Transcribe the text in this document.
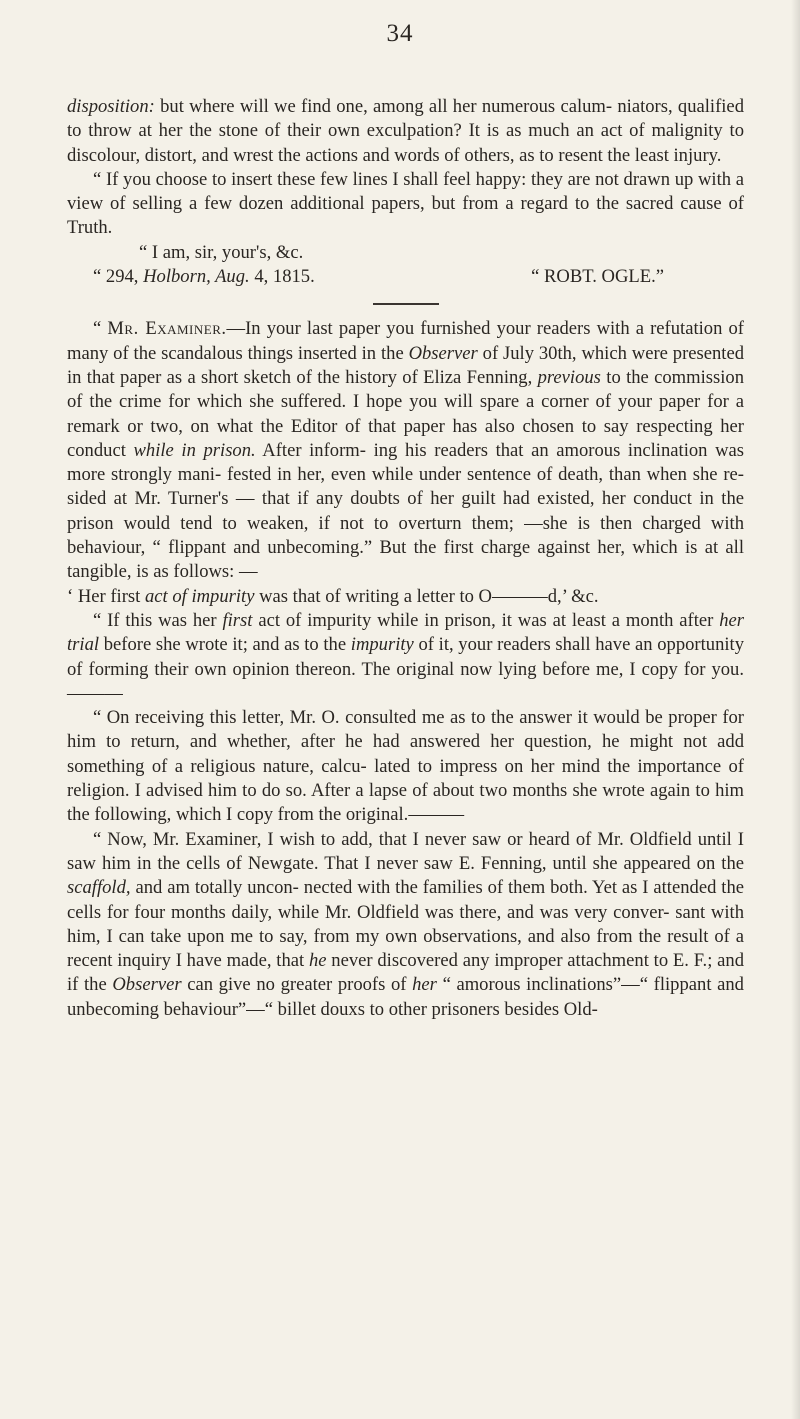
34

disposition: but where will we find one, among all her numerous calum- niators, qualified to throw at her the stone of their own exculpation? It is as much an act of malignity to discolour, distort, and wrest the actions and words of others, as to resent the least injury.

“ If you choose to insert these few lines I shall feel happy: they are not drawn up with a view of selling a few dozen additional papers, but from a regard to the sacred cause of Truth.

“ I am, sir, your's, &c.

“ 294, Holborn, Aug. 4, 1815.	“ ROBT. OGLE.”

“ Mr. Examiner.—In your last paper you furnished your readers with a refutation of many of the scandalous things inserted in the Observer of July 30th, which were presented in that paper as a short sketch of the history of Eliza Fenning, previous to the commission of the crime for which she suffered. I hope you will spare a corner of your paper for a remark or two, on what the Editor of that paper has also chosen to say respecting her conduct while in prison. After inform- ing his readers that an amorous inclination was more strongly mani- fested in her, even while under sentence of death, than when she re- sided at Mr. Turner's — that if any doubts of her guilt had existed, her conduct in the prison would tend to weaken, if not to overturn them; —she is then charged with behaviour, “ flippant and unbecoming.” But the first charge against her, which is at all tangible, is as follows: —
‘ Her first act of impurity was that of writing a letter to O———d,’ &c.

“ If this was her first act of impurity while in prison, it was at least a month after her trial before she wrote it; and as to the impurity of it, your readers shall have an opportunity of forming their own opinion thereon. The original now lying before me, I copy for you.———

“ On receiving this letter, Mr. O. consulted me as to the answer it would be proper for him to return, and whether, after he had answered her question, he might not add something of a religious nature, calcu- lated to impress on her mind the importance of religion. I advised him to do so. After a lapse of about two months she wrote again to him the following, which I copy from the original.———

“ Now, Mr. Examiner, I wish to add, that I never saw or heard of Mr. Oldfield until I saw him in the cells of Newgate. That I never saw E. Fenning, until she appeared on the scaffold, and am totally uncon- nected with the families of them both. Yet as I attended the cells for four months daily, while Mr. Oldfield was there, and was very conver- sant with him, I can take upon me to say, from my own observations, and also from the result of a recent inquiry I have made, that he never discovered any improper attachment to E. F.; and if the Observer can give no greater proofs of her “ amorous inclinations”—“ flippant and unbecoming behaviour”—“ billet douxs to other prisoners besides Old-
